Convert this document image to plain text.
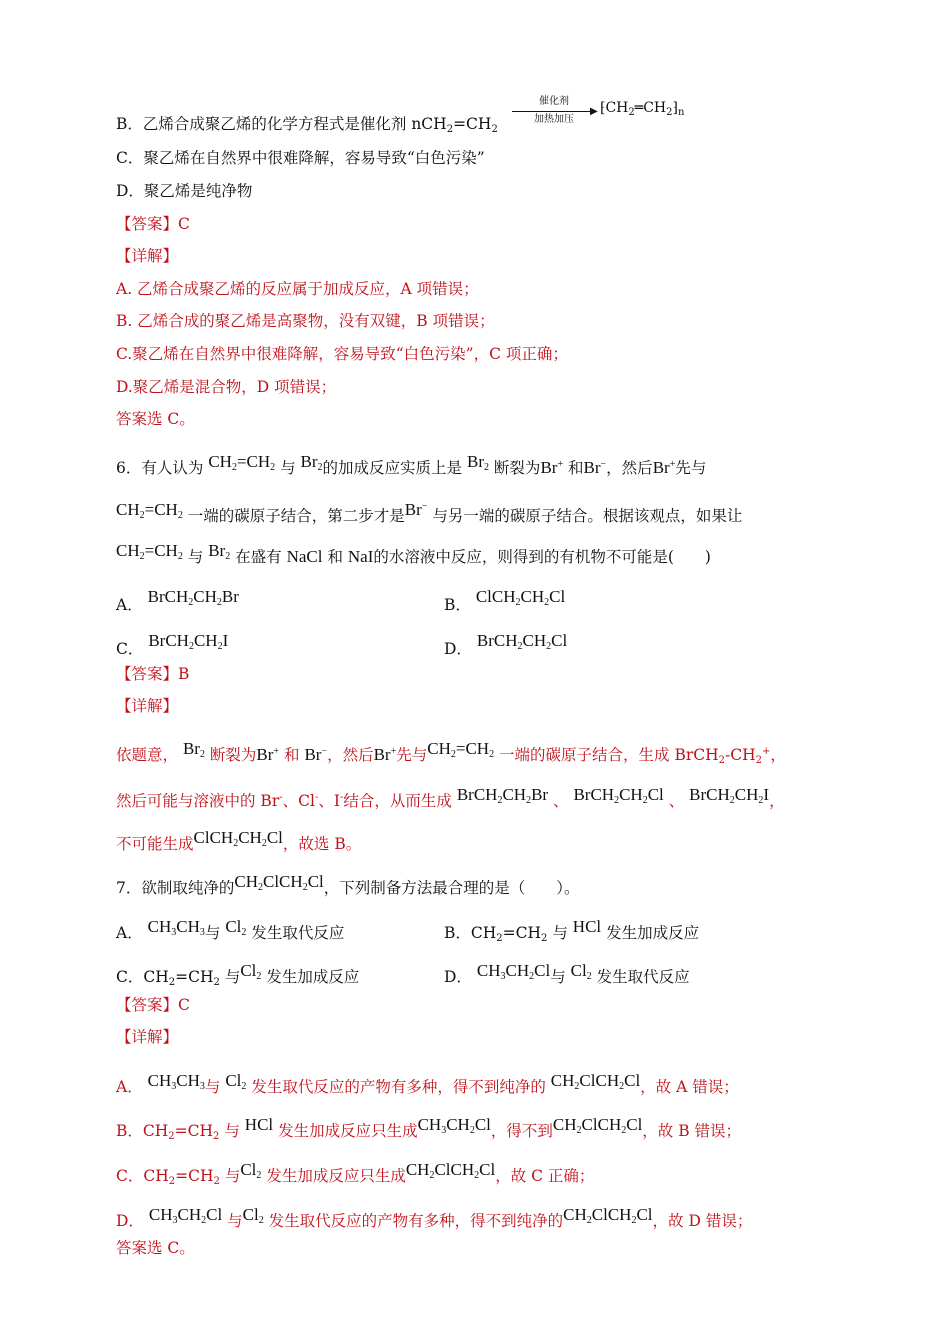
B．乙烯合成聚乙烯的化学方程式是催化剂 $nCH_2=CH_2$
催化剂
▶
加热加压
$⁅CH_2═CH_2⁆_n$
C．聚乙烯在自然界中很难降解，容易导致“白色污染”
D．聚乙烯是纯净物
【答案】C
【详解】
A. 乙烯合成聚乙烯的反应属于加成反应，A 项错误；
B. 乙烯合成的聚乙烯是高聚物，没有双键，B 项错误；
C.聚乙烯在自然界中很难降解，容易导致“白色污染”，C 项正确；
D.聚乙烯是混合物，D 项错误；
答案选 C。
6．有人认为 $CH_2=CH_2$ 与 $Br_2$的加成反应实质上是 $Br_2$ 断裂为Br+ 和Br−，然后Br+先与
$CH_2=CH_2$ 一端的碳原子结合，第二步才是Br− 与另一端的碳原子结合。根据该观点，如果让
$CH_2=CH_2$ 与 $Br_2$ 在盛有 NaCl 和 NaI的水溶液中反应，则得到的有机物不可能是(　　)
A． $BrCH_2CH_2Br$	B． $ClCH_2CH_2Cl$
C． $BrCH_2CH_2I$	D． $BrCH_2CH_2Cl$
【答案】B
【详解】
依题意， $Br_2$ 断裂为Br+ 和 Br−，然后Br+先与$CH_2=CH_2$ 一端的碳原子结合，生成 $BrCH_2-CH_2^+$，
然后可能与溶液中的 Br-、Cl-、I-结合，从而生成 $BrCH_2CH_2Br$ 、 $BrCH_2CH_2Cl$ 、 $BrCH_2CH_2I$，
不可能生成$ClCH_2CH_2Cl$，故选 B。
7．欲制取纯净的$CH_2ClCH_2Cl$，下列制备方法最合理的是（　　）。
A． $CH_3CH_3$与 $Cl_2$ 发生取代反应	B．$CH_2=CH_2$ 与 HCl 发生加成反应
C．$CH_2=CH_2$ 与$Cl_2$ 发生加成反应	D． $CH_3CH_2Cl$与 $Cl_2$ 发生取代反应
【答案】C
【详解】
A． $CH_3CH_3$与 $Cl_2$ 发生取代反应的产物有多种，得不到纯净的 $CH_2ClCH_2Cl$，故 A 错误；
B．$CH_2=CH_2$ 与 HCl 发生加成反应只生成$CH_3CH_2Cl$，得不到$CH_2ClCH_2Cl$，故 B 错误；
C．$CH_2=CH_2$ 与$Cl_2$ 发生加成反应只生成$CH_2ClCH_2Cl$，故 C 正确；
D． $CH_3CH_2Cl$ 与$Cl_2$ 发生取代反应的产物有多种，得不到纯净的$CH_2ClCH_2Cl$，故 D 错误；
答案选 C。
